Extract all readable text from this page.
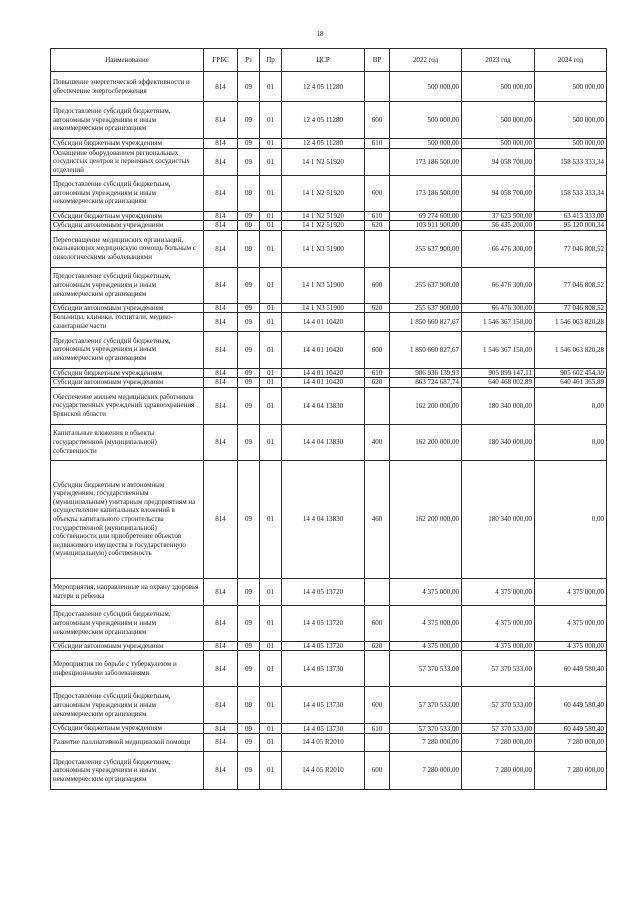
18
Наименование	ГРБС	Рз	Пр	ЦСР	ВР	2022 год	2023 год	2024 год
Повышение энергетической эффективности и обеспечение энергосбережения	814	09	01	12 4 05 11280		500 000,00	500 000,00	500 000,00
Предоставление субсидий бюджетным, автономным учреждениям и иным некоммерческим организациям	814	09	01	12 4 05 11280	600	500 000,00	500 000,00	500 000,00
Субсидии бюджетным учреждениям	814	09	01	12 4 05 11280	610	500 000,00	500 000,00	500 000,00
Оснащение оборудованием региональных сосудистых центров и первичных сосудистых отделений	814	09	01	14 1 N2 51920		173 186 500,00	94 058 700,00	158 533 333,34
Предоставление субсидий бюджетным, автономным учреждениям и иным некоммерческим организациям	814	09	01	14 1 N2 51920	600	173 186 500,00	94 058 700,00	158 533 333,34
Субсидии бюджетным учреждениям	814	09	01	14 1 N2 51920	610	69 274 600,00	37 623 500,00	63 413 333,00
Субсидии автономным учреждениям	814	09	01	14 1 N2 51920	620	103 911 900,00	56 435 200,00	95 120 000,34
Переоснащение медицинских организаций, оказывающих медицинскую помощь больным с онкологическими заболеваниями	814	09	01	14 1 N3 51900		255 637 900,00	66 476 300,00	77 046 808,52
Предоставление субсидий бюджетным, автономным учреждениям и иным некоммерческим организациям	814	09	01	14 1 N3 51900	600	255 637 900,00	66 476 300,00	77 046 808,52
Субсидии автономным учреждениям	814	09	01	14 1 N3 51900	620	255 637 900,00	66 476 300,00	77 046 808,52
Больницы, клиники, госпитали, медико-санитарные части	814	09	01	14 4 01 10420		1 850 660 827,67	1 546 367 150,00	1 546 063 820,28
Предоставление субсидий бюджетным, автономным учреждениям и иным некоммерческим организациям	814	09	01	14 4 01 10420	600	1 850 660 827,67	1 546 367 150,00	1 546 063 820,28
Субсидии бюджетным учреждениям	814	09	01	14 4 01 10420	610	986 936 139,93	905 899 147,11	905 602 454,39
Субсидии автономным учреждениям	814	09	01	14 4 01 10420	620	863 724 687,74	640 468 002,89	640 461 365,89
Обеспечение жильем медицинских работников государственных учреждений здравоохранения Брянской области	814	09	01	14 4 04 13830		162 200 000,00	180 340 000,00	0,00
Капитальные вложения в объекты государственной (муниципальной) собственности	814	09	01	14 4 04 13830	400	162 200 000,00	180 340 000,00	0,00
Субсидии бюджетным и автономным учреждениям, государственным (муниципальным) унитарным предприятиям на осуществление капитальных вложений в объекты капитального строительства государственной (муниципальной) собственности или приобретение объектов недвижимого имущества в государственную (муниципальную) собственность	814	09	01	14 4 04 13830	460	162 200 000,00	180 340 000,00	0,00
Мероприятия, направленные на охрану здоровья матери и ребенка	814	09	01	14 4 05 13720		4 375 000,00	4 375 000,00	4 375 000,00
Предоставление субсидий бюджетным, автономным учреждениям и иным некоммерческим организациям	814	09	01	14 4 05 13720	600	4 375 000,00	4 375 000,00	4 375 000,00
Субсидии автономным учреждениям	814	09	01	14 4 05 13720	620	4 375 000,00	4 375 000,00	4 375 000,00
Мероприятия по борьбе с туберкулезом и инфекционными заболеваниями	814	09	01	14 4 05 13730		57 370 533,00	57 370 533,00	60 449 580,40
Предоставление субсидий бюджетным, автономным учреждениям и иным некоммерческим организациям	814	09	01	14 4 05 13730	600	57 370 533,00	57 370 533,00	60 449 580,40
Субсидии бюджетным учреждениям	814	09	01	14 4 05 13730	610	57 370 533,00	57 370 533,00	60 449 580,40
Развитие паллиативной медицинской помощи	814	09	01	14 4 05 R2010		7 280 000,00	7 280 000,00	7 280 000,00
Предоставление субсидий бюджетным, автономным учреждениям и иным некоммерческим организациям	814	09	01	14 4 05 R2010	600	7 280 000,00	7 280 000,00	7 280 000,00
